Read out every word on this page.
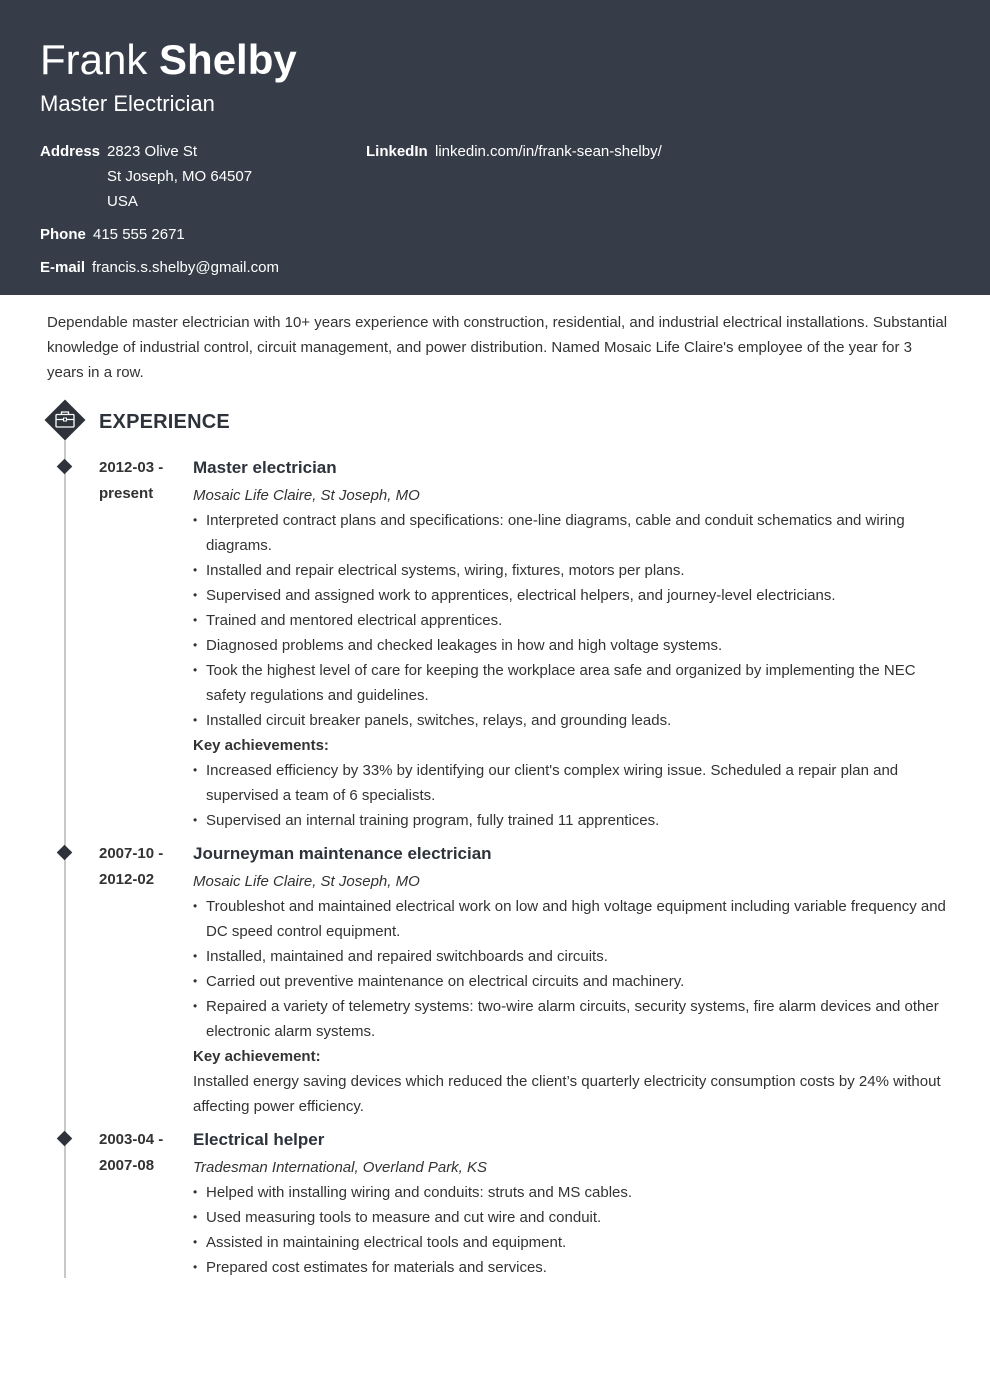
Frank Shelby
Master Electrician
Address 2823 Olive St
St Joseph, MO 64507
USA
Phone 415 555 2671
E-mail francis.s.shelby@gmail.com
LinkedIn linkedin.com/in/frank-sean-shelby/
Dependable master electrician with 10+ years experience with construction, residential, and industrial electrical installations. Substantial knowledge of industrial control, circuit management, and power distribution. Named Mosaic Life Claire's employee of the year for 3 years in a row.
EXPERIENCE
2012-03 -
present
Master electrician
Mosaic Life Claire, St Joseph, MO
• Interpreted contract plans and specifications: one-line diagrams, cable and conduit schematics and wiring diagrams.
• Installed and repair electrical systems, wiring, fixtures, motors per plans.
• Supervised and assigned work to apprentices, electrical helpers, and journey-level electricians.
• Trained and mentored electrical apprentices.
• Diagnosed problems and checked leakages in how and high voltage systems.
• Took the highest level of care for keeping the workplace area safe and organized by implementing the NEC safety regulations and guidelines.
• Installed circuit breaker panels, switches, relays, and grounding leads.
Key achievements:
• Increased efficiency by 33% by identifying our client's complex wiring issue. Scheduled a repair plan and supervised a team of 6 specialists.
• Supervised an internal training program, fully trained 11 apprentices.
2007-10 -
2012-02
Journeyman maintenance electrician
Mosaic Life Claire, St Joseph, MO
• Troubleshot and maintained electrical work on low and high voltage equipment including variable frequency and DC speed control equipment.
• Installed, maintained and repaired switchboards and circuits.
• Carried out preventive maintenance on electrical circuits and machinery.
• Repaired a variety of telemetry systems: two-wire alarm circuits, security systems, fire alarm devices and other electronic alarm systems.
Key achievement:
Installed energy saving devices which reduced the client’s quarterly electricity consumption costs by 24% without affecting power efficiency.
2003-04 -
2007-08
Electrical helper
Tradesman International, Overland Park, KS
• Helped with installing wiring and conduits: struts and MS cables.
• Used measuring tools to measure and cut wire and conduit.
• Assisted in maintaining electrical tools and equipment.
• Prepared cost estimates for materials and services.
